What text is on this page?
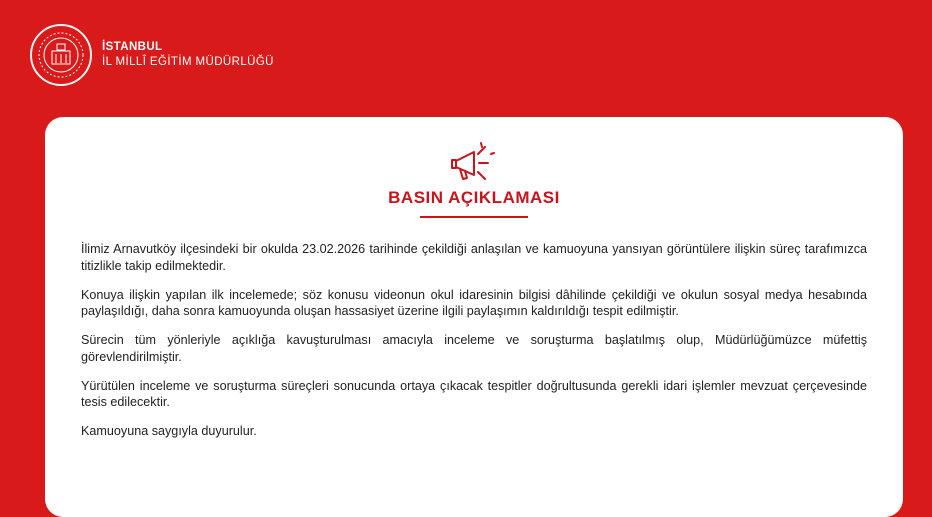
İSTANBUL
İL MİLLÎ EĞİTİM MÜDÜRLÜĞÜ
BASIN AÇIKLAMASI

İlimiz Arnavutköy ilçesindeki bir okulda 23.02.2026 tarihinde çekildiği anlaşılan ve kamuoyuna yansıyan görüntülere ilişkin süreç tarafımızca titizlikle takip edilmektedir.

Konuya ilişkin yapılan ilk incelemede; söz konusu videonun okul idaresinin bilgisi dâhilinde çekildiği ve okulun sosyal medya hesabında paylaşıldığı, daha sonra kamuoyunda oluşan hassasiyet üzerine ilgili paylaşımın kaldırıldığı tespit edilmiştir.

Sürecin tüm yönleriyle açıklığa kavuşturulması amacıyla inceleme ve soruşturma başlatılmış olup, Müdürlüğümüzce müfettiş görevlendirilmiştir.

Yürütülen inceleme ve soruşturma süreçleri sonucunda ortaya çıkacak tespitler doğrultusunda gerekli idari işlemler mevzuat çerçevesinde tesis edilecektir.

Kamuoyuna saygıyla duyurulur.
